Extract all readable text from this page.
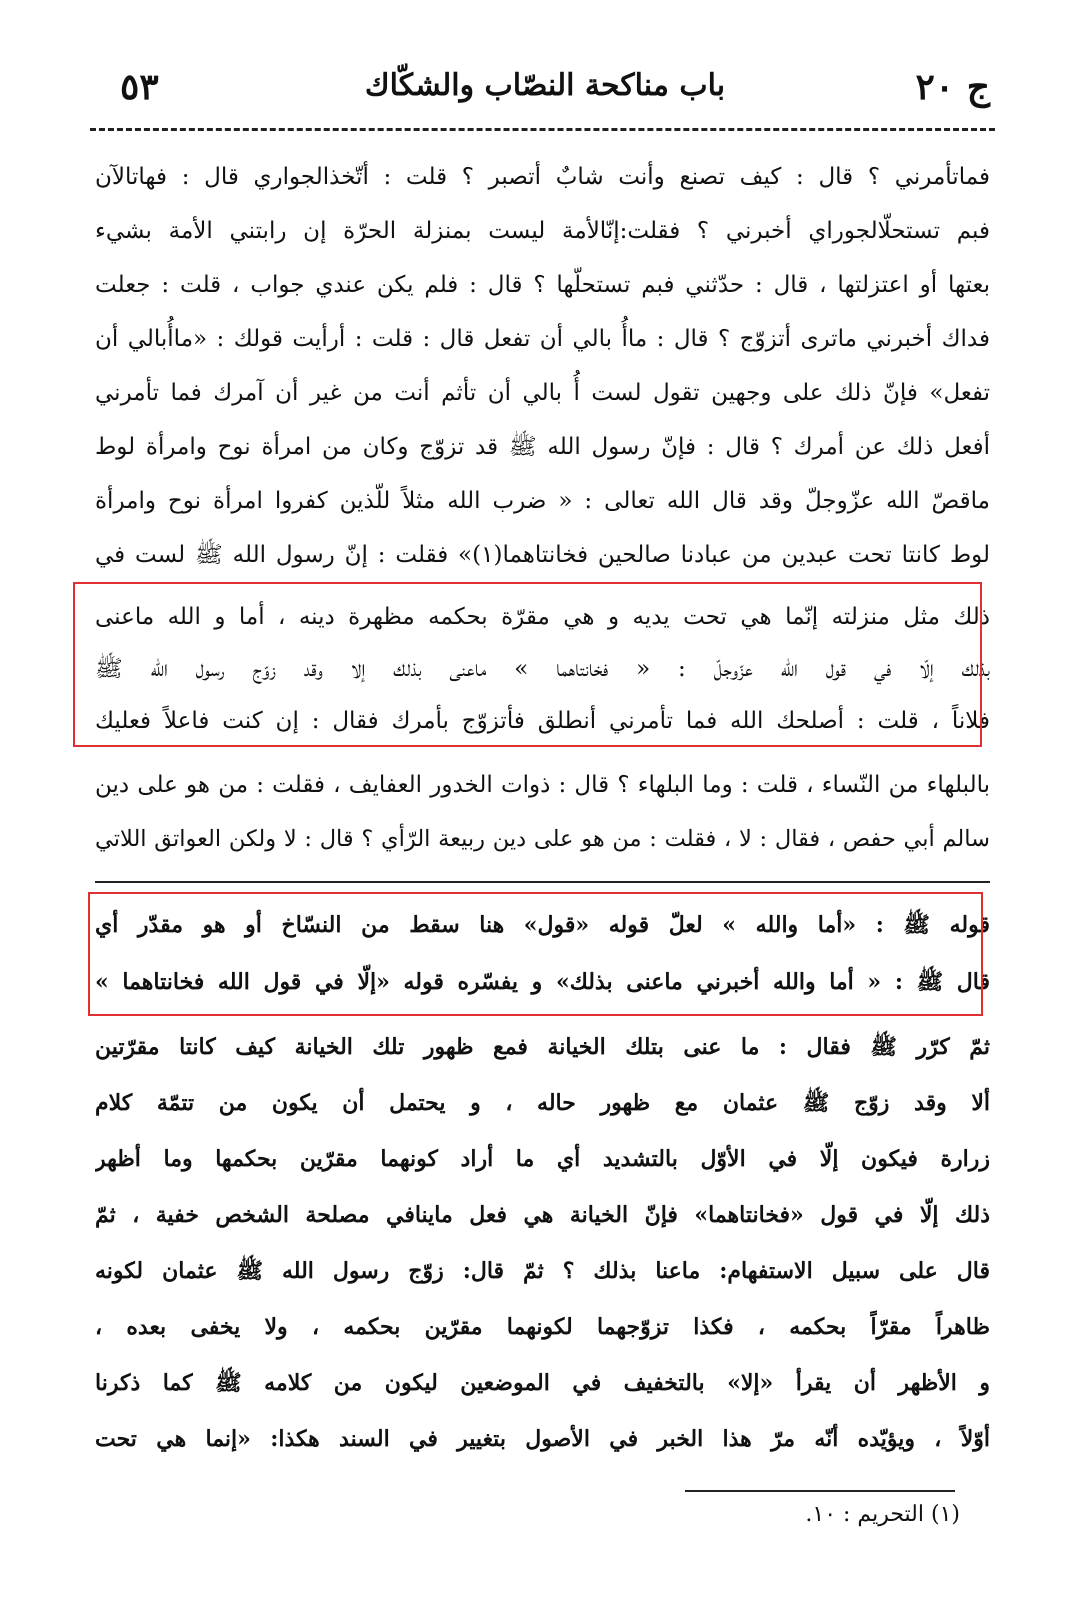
ج ٢٠
باب مناكحة النصّاب والشكّاك
٥٣
فماتأمرني ؟ قال : كيف تصنع وأنت شابٌ أتصبر ؟ قلت : أتّخذالجواري قال : فهاتالآن
فبم تستحلّالجوراي أخبرني ؟ فقلت:إنّالأمة ليست بمنزلة الحرّة إن رابتني الأمة بشيء
بعتها أو اعتزلتها ، قال : حدّثني فبم تستحلّها ؟ قال : فلم يكن عندي جواب ، قلت : جعلت
فداك أخبرني ماترى أتزوّج ؟ قال : ماأُ بالي أن تفعل قال : قلت : أرأيت قولك : «ماأُبالي أن
تفعل» فإنّ ذلك على وجهين تقول لست أُ بالي أن تأثم أنت من غير أن آمرك فما تأمرني
أفعل ذلك عن أمرك ؟ قال : فإنّ رسول الله ﷺ قد تزوّج وكان من امرأة نوح وامرأة لوط
ماقصّ الله عزّوجلّ وقد قال الله تعالى : « ضرب الله مثلاً للّذين كفروا امرأة نوح وامرأة
لوط كانتا تحت عبدين من عبادنا صالحين فخانتاهما(١)» فقلت : إنّ رسول الله ﷺ لست في
ذلك مثل منزلته إنّما هي تحت يديه و هي مقرّة بحكمه مظهرة دينه ، أما و الله ماعنى
بذلك إلّا في قول الله عزّوجلّ : « فخانتاهما » ماعنى بذلك إلا وقد زوّج رسول الله ﷺ
فلاناً ، قلت : أصلحك الله فما تأمرني أنطلق فأتزوّج بأمرك فقال : إن كنت فاعلاً فعليك
بالبلهاء من النّساء ، قلت : وما البلهاء ؟ قال : ذوات الخدور العفايف ، فقلت : من هو على دين
سالم أبي حفص ، فقال : لا ، فقلت : من هو على دين ربيعة الرّأي ؟ قال : لا ولكن العواتق اللاتي
قوله ﷺ : «أما والله » لعلّ قوله «قول» هنا سقط من النسّاخ أو هو مقدّر أي
قال ﷺ : « أما والله أخبرني ماعنى بذلك» و يفسّره قوله «إلّا في قول الله فخانتاهما »
ثمّ كرّر ﷺ فقال : ما عنى بتلك الخيانة فمع ظهور تلك الخيانة كيف كانتا مقرّتين
ألا وقد زوّج ﷺ عثمان مع ظهور حاله ، و يحتمل أن يكون من تتمّة كلام
زرارة فيكون إلّا في الأوّل بالتشديد أي ما أراد كونهما مقرّين بحكمها وما أظهر
ذلك إلّا في قول «فخانتاهما» فإنّ الخيانة هي فعل ماينافي مصلحة الشخص خفية ، ثمّ
قال على سبيل الاستفهام: ماعنا بذلك ؟ ثمّ قال: زوّج رسول الله ﷺ عثمان لكونه
ظاهراً مقرّاً بحكمه ، فكذا تزوّجهما لكونهما مقرّين بحكمه ، ولا يخفى بعده ،
و الأظهر أن يقرأ «إلا» بالتخفيف في الموضعين ليكون من كلامه ﷺ كما ذكرنا
أوّلاً ، ويؤيّده أنّه مرّ هذا الخبر في الأصول بتغيير في السند هكذا: «إنما هي تحت
(١) التحريم : ١٠.
